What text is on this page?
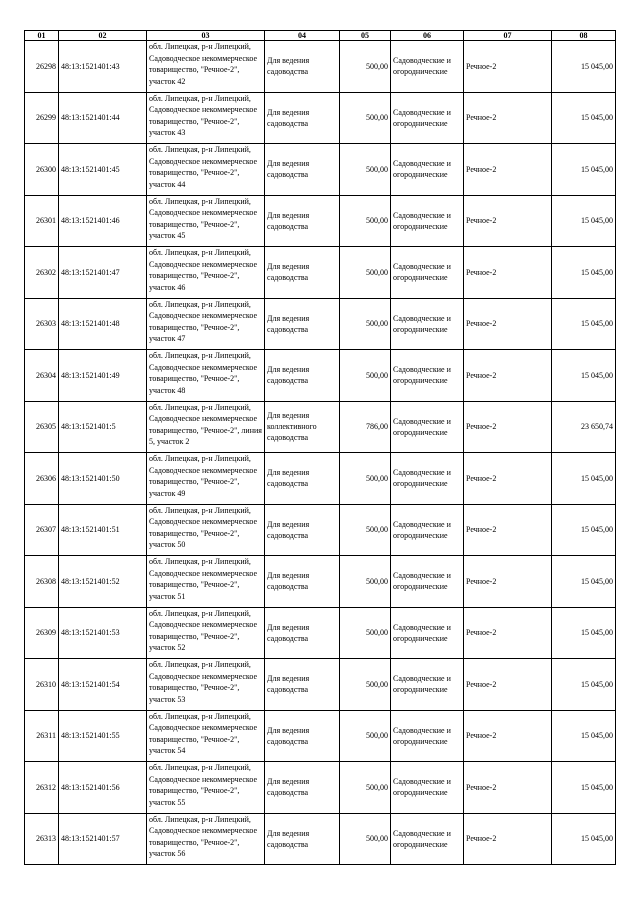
01	02	03	04	05	06	07	08
26298	48:13:1521401:43	обл. Липецкая, р-н Липецкий, Садоводческое некоммерческое товарищество, "Речное-2", участок 42	Для ведения садоводства	500,00	Садоводческие и огороднические	Речное-2	15 045,00
26299	48:13:1521401:44	обл. Липецкая, р-н Липецкий, Садоводческое некоммерческое товарищество, "Речное-2", участок 43	Для ведения садоводства	500,00	Садоводческие и огороднические	Речное-2	15 045,00
26300	48:13:1521401:45	обл. Липецкая, р-н Липецкий, Садоводческое некоммерческое товарищество, "Речное-2", участок 44	Для ведения садоводства	500,00	Садоводческие и огороднические	Речное-2	15 045,00
26301	48:13:1521401:46	обл. Липецкая, р-н Липецкий, Садоводческое некоммерческое товарищество, "Речное-2", участок 45	Для ведения садоводства	500,00	Садоводческие и огороднические	Речное-2	15 045,00
26302	48:13:1521401:47	обл. Липецкая, р-н Липецкий, Садоводческое некоммерческое товарищество, "Речное-2", участок 46	Для ведения садоводства	500,00	Садоводческие и огороднические	Речное-2	15 045,00
26303	48:13:1521401:48	обл. Липецкая, р-н Липецкий, Садоводческое некоммерческое товарищество, "Речное-2", участок 47	Для ведения садоводства	500,00	Садоводческие и огороднические	Речное-2	15 045,00
26304	48:13:1521401:49	обл. Липецкая, р-н Липецкий, Садоводческое некоммерческое товарищество, "Речное-2", участок 48	Для ведения садоводства	500,00	Садоводческие и огороднические	Речное-2	15 045,00
26305	48:13:1521401:5	обл. Липецкая, р-н Липецкий, Садоводческое некоммерческое товарищество, "Речное-2", линия 5, участок 2	Для ведения коллективного садоводства	786,00	Садоводческие и огороднические	Речное-2	23 650,74
26306	48:13:1521401:50	обл. Липецкая, р-н Липецкий, Садоводческое некоммерческое товарищество, "Речное-2", участок 49	Для ведения садоводства	500,00	Садоводческие и огороднические	Речное-2	15 045,00
26307	48:13:1521401:51	обл. Липецкая, р-н Липецкий, Садоводческое некоммерческое товарищество, "Речное-2", участок 50	Для ведения садоводства	500,00	Садоводческие и огороднические	Речное-2	15 045,00
26308	48:13:1521401:52	обл. Липецкая, р-н Липецкий, Садоводческое некоммерческое товарищество, "Речное-2", участок 51	Для ведения садоводства	500,00	Садоводческие и огороднические	Речное-2	15 045,00
26309	48:13:1521401:53	обл. Липецкая, р-н Липецкий, Садоводческое некоммерческое товарищество, "Речное-2", участок 52	Для ведения садоводства	500,00	Садоводческие и огороднические	Речное-2	15 045,00
26310	48:13:1521401:54	обл. Липецкая, р-н Липецкий, Садоводческое некоммерческое товарищество, "Речное-2", участок 53	Для ведения садоводства	500,00	Садоводческие и огороднические	Речное-2	15 045,00
26311	48:13:1521401:55	обл. Липецкая, р-н Липецкий, Садоводческое некоммерческое товарищество, "Речное-2", участок 54	Для ведения садоводства	500,00	Садоводческие и огороднические	Речное-2	15 045,00
26312	48:13:1521401:56	обл. Липецкая, р-н Липецкий, Садоводческое некоммерческое товарищество, "Речное-2", участок 55	Для ведения садоводства	500,00	Садоводческие и огороднические	Речное-2	15 045,00
26313	48:13:1521401:57	обл. Липецкая, р-н Липецкий, Садоводческое некоммерческое товарищество, "Речное-2", участок 56	Для ведения садоводства	500,00	Садоводческие и огороднические	Речное-2	15 045,00
